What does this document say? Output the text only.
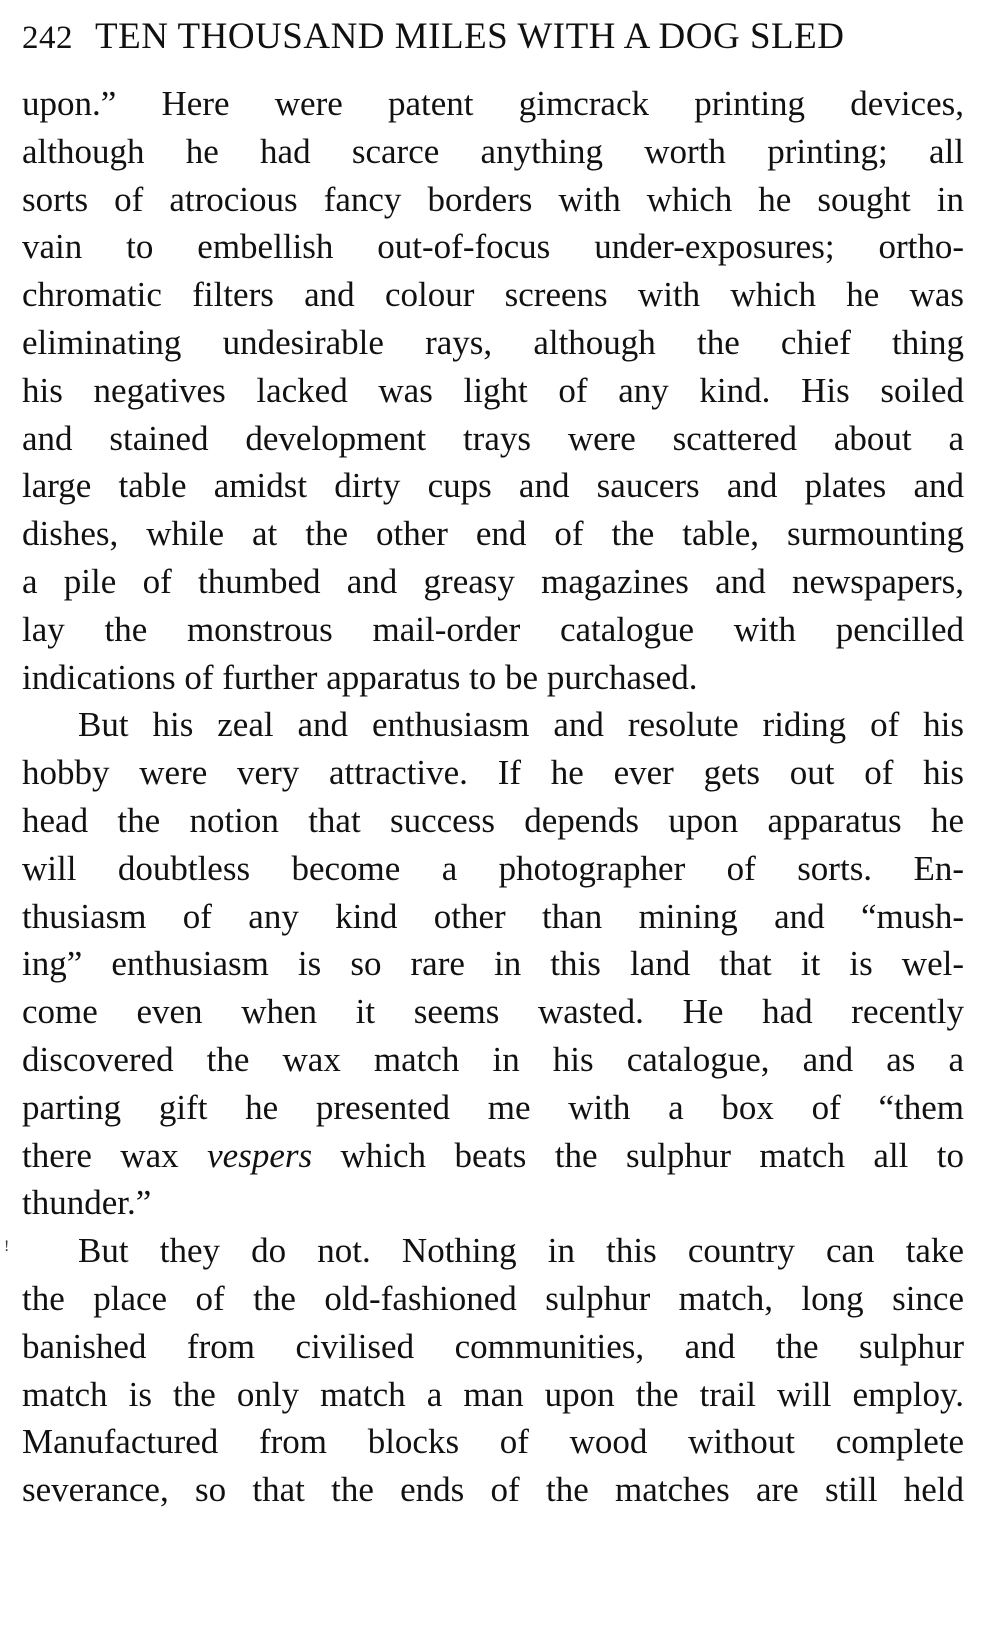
242 TEN THOUSAND MILES WITH A DOG SLED
upon.” Here were patent gimcrack printing devices,
although he had scarce anything worth printing; all
sorts of atrocious fancy borders with which he sought in
vain to embellish out-of-focus under-exposures; ortho-
chromatic filters and colour screens with which he was
eliminating undesirable rays, although the chief thing
his negatives lacked was light of any kind. His soiled
and stained development trays were scattered about a
large table amidst dirty cups and saucers and plates and
dishes, while at the other end of the table, surmounting
a pile of thumbed and greasy magazines and newspapers,
lay the monstrous mail-order catalogue with pencilled
indications of further apparatus to be purchased.
But his zeal and enthusiasm and resolute riding of his
hobby were very attractive. If he ever gets out of his
head the notion that success depends upon apparatus he
will doubtless become a photographer of sorts. En-
thusiasm of any kind other than mining and “mush-
ing” enthusiasm is so rare in this land that it is wel-
come even when it seems wasted. He had recently
discovered the wax match in his catalogue, and as a
parting gift he presented me with a box of “them
there wax vespers which beats the sulphur match all to
thunder.”
But they do not. Nothing in this country can take
the place of the old-fashioned sulphur match, long since
banished from civilised communities, and the sulphur
match is the only match a man upon the trail will employ.
Manufactured from blocks of wood without complete
severance, so that the ends of the matches are still held
!
